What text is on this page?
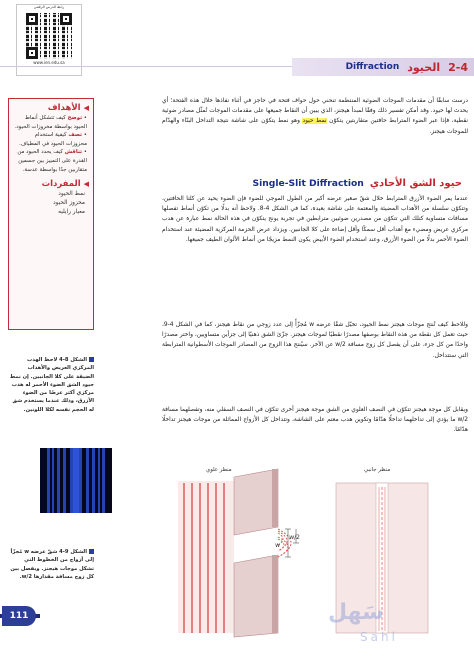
رابط الدرس الرقمي
www.ien.edu.sa	2-4
الحيود
Diffraction
◀
الأهداف
• توضح كيف تتشكل أنماط الحيود بواسطة مخروزات الحيود.
• تصف كيفية استخدام محزوزات الحيود في المطياف.
• تناقش كيف يحدد الحيود من القدرة على التمييز بين جسمين متقاربين جدًا بواسطة عدسة.
◀
المفردات
نمط الحيود
محزوز الحيود
معيار رايليه
الشكل 8-4 لاحظ الهدب المركزي العريض والأهداب الضيقة على كلا الجانبين. إن نمط حيود الشق الضوء الأحمر له هدب مركزي أكثر عرضًا من الضوء الأزرق، وذلك عندما يستخدم شق له الحجم نفسه لكلا اللونين.
الشكل 9-4 شقّ عرضه w مُجزّأ إلى أزواج من الخطوط التي تشكل موجات هيجنز. ويفصل بين كل زوج مسافة مقدارها w/2.
درست سابقًا أن مقدمات الموجات الضوئية المنتظمة تنحني حول حواف فتحة في حاجز في أثناء نفاذها خلال هذه الفتحة؛ أي يحدث لها حيود. وقد أمكن تفسير ذلك وفقًا لمبدأ هيجنز، الذي يبين أن النقاط جميعها على مقدمات الموجات تُمثّل مصادر ضوئية نقطية، فإذا عبر الضوء المترابط حافتين متقاربتين يتكوّن نمط حيود وهو نمط يتكوّن على شاشة نتيجة التداخل البنّاء والهدّام للموجات هيجنز.
حيود الشق الأحادي
Single-Slit Diffraction
عندما يمر الضوء الأزرق المترابط خلال شقّ صغير عرضه أكبر من الطول الموجي للضوء فإن الضوء يحيد عن كلتا الحافتين، وتتكوّن سلسلة من الأهداب المضيئة والمعتمة على شاشة بعيدة، كما في الشكل 4-8. ولاحظ أنه بدلًا من تكوّن أنماط تفصلها مسافات متساوية كتلك التي تتكوّن من مصدرين ضوئيين مترابطين في تجربة يونج يتكوّن في هذه الحالة نمط عبارة عن هدب مركزي عريض ومضيء مع أهداب أقل سمكًا وأقل إضاءة على كلا الجانبين. ويزداد عرض الحزمة المركزية المضيئة عند استخدام الضوء الأحمر بدلًا من الضوء الأزرق، وعند استخدام الضوء الأبيض يكون النمط مزيجًا من أنماط الألوان الطيف جميعها.
وللاحظ كيف تُنتج موجات هيجنز نمط الحيود، تخيّل شقًا عرضه w مُجزّأً إلى عدد زوجي من نقاط هيجنز، كما في الشكل 4-9، حيث تعمل كل نقطة من هذه النقاط بوصفها مصدرًا نقطيًا لموجات هيجنز. جزّئ الشق ذهنيًا إلى جزأين متساويين، واختر مصدرًا واحدًا من كل جزء، على أن يفصل كل زوج مسافة w/2 عن الآخر. سيُنتج هذا الزوج من المصادر الموجات الأسطوانية المترابطة التي ستتداخل.
ويقابل كل موجة هيجنز تتكوّن في النصف العلوي من الشق موجة هيجنز أخرى تتكوّن في النصف السفلي منه، وتفصلهما مسافة w/2 ما يؤدي إلى تداخلهما تداخلًا هدّامًا وتكوين هدب معتم على الشاشة، وتتداخل كل الأزواج المماثلة من موجات هيجنز تداخلًا هدّامًا.
w/2
w
منظر علوي	منظر جانبي
111	سَهل
Sahl
